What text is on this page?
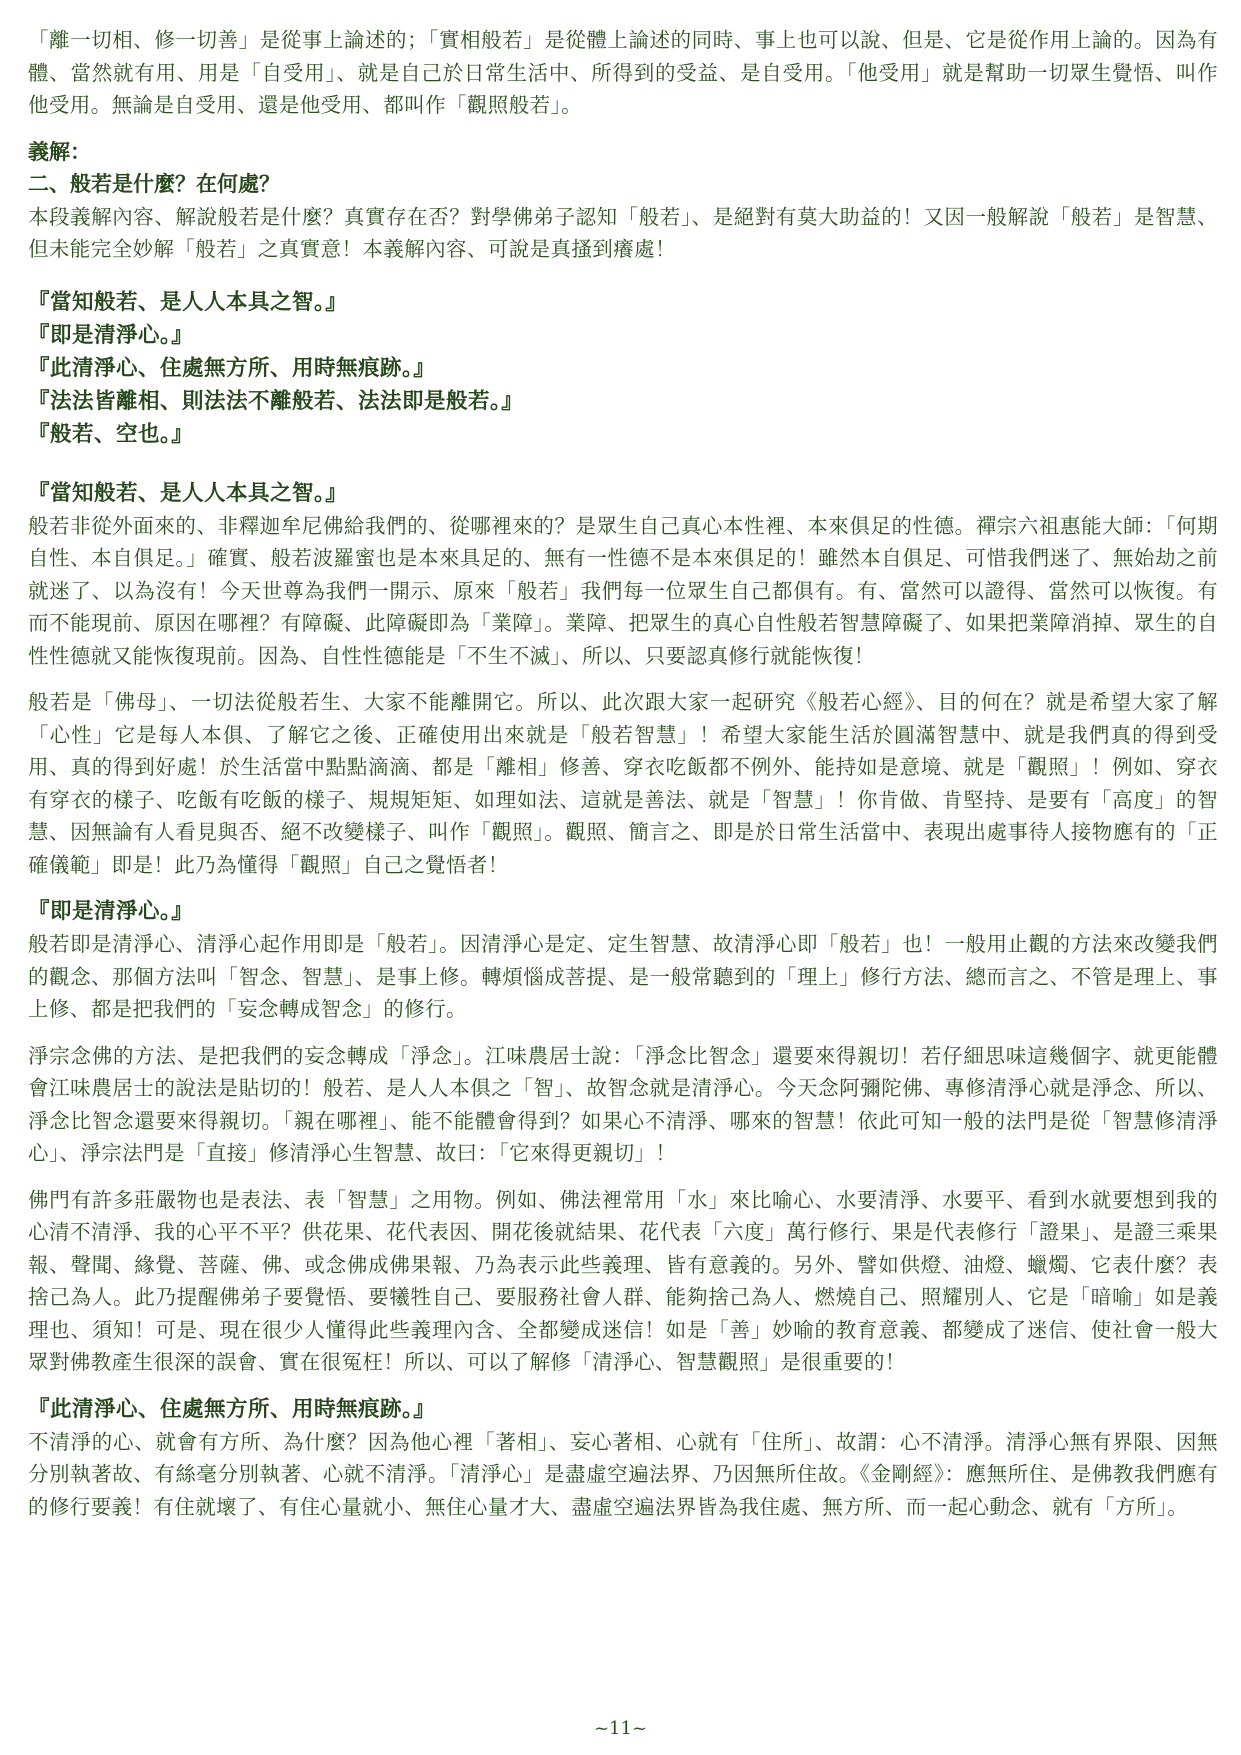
「離一切相、修一切善」是從事上論述的；「實相般若」是從體上論述的同時、事上也可以說、但是、它是從作用上論的。因為有體、當然就有用、用是「自受用」、就是自己於日常生活中、所得到的受益、是自受用。「他受用」就是幫助一切眾生覺悟、叫作他受用。無論是自受用、還是他受用、都叫作「觀照般若」。

義解：

二、般若是什麼？在何處？

本段義解內容、解說般若是什麼？真實存在否？對學佛弟子認知「般若」、是絕對有莫大助益的！又因一般解說「般若」是智慧、但未能完全妙解「般若」之真實意！本義解內容、可說是真搔到癢處！

『當知般若、是人人本具之智。』

『即是清淨心。』

『此清淨心、住處無方所、用時無痕跡。』

『法法皆離相、則法法不離般若、法法即是般若。』

『般若、空也。』

『當知般若、是人人本具之智。』

般若非從外面來的、非釋迦牟尼佛給我們的、從哪裡來的？是眾生自己真心本性裡、本來俱足的性德。禪宗六祖惠能大師：「何期自性、本自俱足。」確實、般若波羅蜜也是本來具足的、無有一性德不是本來俱足的！雖然本自俱足、可惜我們迷了、無始劫之前就迷了、以為沒有！今天世尊為我們一開示、原來「般若」我們每一位眾生自己都俱有。有、當然可以證得、當然可以恢復。有而不能現前、原因在哪裡？有障礙、此障礙即為「業障」。業障、把眾生的真心自性般若智慧障礙了、如果把業障消掉、眾生的自性性德就又能恢復現前。因為、自性性德能是「不生不滅」、所以、只要認真修行就能恢復！

般若是「佛母」、一切法從般若生、大家不能離開它。所以、此次跟大家一起研究《般若心經》、目的何在？就是希望大家了解「心性」它是每人本俱、了解它之後、正確使用出來就是「般若智慧」！希望大家能生活於圓滿智慧中、就是我們真的得到受用、真的得到好處！於生活當中點點滴滴、都是「離相」修善、穿衣吃飯都不例外、能持如是意境、就是「觀照」！例如、穿衣有穿衣的樣子、吃飯有吃飯的樣子、規規矩矩、如理如法、這就是善法、就是「智慧」！你肯做、肯堅持、是要有「高度」的智慧、因無論有人看見與否、絕不改變樣子、叫作「觀照」。觀照、簡言之、即是於日常生活當中、表現出處事待人接物應有的「正確儀範」即是！此乃為懂得「觀照」自己之覺悟者！

『即是清淨心。』

般若即是清淨心、清淨心起作用即是「般若」。因清淨心是定、定生智慧、故清淨心即「般若」也！一般用止觀的方法來改變我們的觀念、那個方法叫「智念、智慧」、是事上修。轉煩惱成菩提、是一般常聽到的「理上」修行方法、總而言之、不管是理上、事上修、都是把我們的「妄念轉成智念」的修行。

淨宗念佛的方法、是把我們的妄念轉成「淨念」。江味農居士說：「淨念比智念」還要來得親切！若仔細思味這幾個字、就更能體會江味農居士的說法是貼切的！般若、是人人本俱之「智」、故智念就是清淨心。今天念阿彌陀佛、專修清淨心就是淨念、所以、淨念比智念還要來得親切。「親在哪裡」、能不能體會得到？如果心不清淨、哪來的智慧！依此可知一般的法門是從「智慧修清淨心」、淨宗法門是「直接」修清淨心生智慧、故曰：「它來得更親切」！

佛門有許多莊嚴物也是表法、表「智慧」之用物。例如、佛法裡常用「水」來比喻心、水要清淨、水要平、看到水就要想到我的心清不清淨、我的心平不平？供花果、花代表因、開花後就結果、花代表「六度」萬行修行、果是代表修行「證果」、是證三乘果報、聲聞、緣覺、菩薩、佛、或念佛成佛果報、乃為表示此些義理、皆有意義的。另外、譬如供燈、油燈、蠟燭、它表什麼？表捨己為人。此乃提醒佛弟子要覺悟、要犧牲自己、要服務社會人群、能夠捨己為人、燃燒自己、照耀別人、它是「暗喻」如是義理也、須知！可是、現在很少人懂得此些義理內含、全都變成迷信！如是「善」妙喻的教育意義、都變成了迷信、使社會一般大眾對佛教產生很深的誤會、實在很冤枉！所以、可以了解修「清淨心、智慧觀照」是很重要的！

『此清淨心、住處無方所、用時無痕跡。』

不清淨的心、就會有方所、為什麼？因為他心裡「著相」、妄心著相、心就有「住所」、故謂：心不清淨。清淨心無有界限、因無分別執著故、有絲毫分別執著、心就不清淨。「清淨心」是盡虛空遍法界、乃因無所住故。《金剛經》：應無所住、是佛教我們應有的修行要義！有住就壞了、有住心量就小、無住心量才大、盡虛空遍法界皆為我住處、無方所、而一起心動念、就有「方所」。

~11~
